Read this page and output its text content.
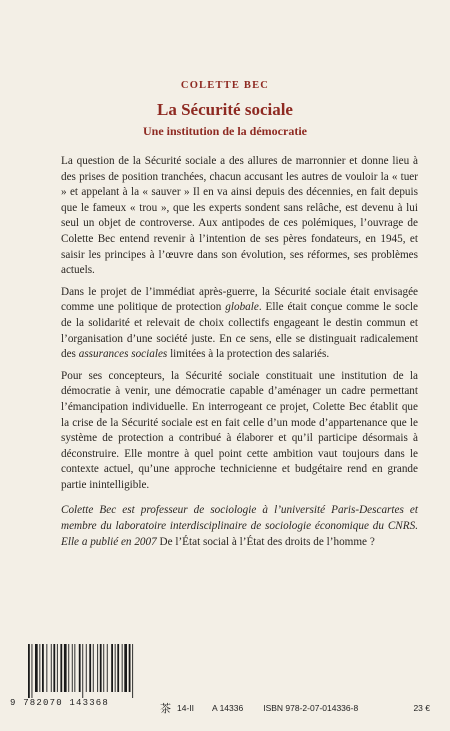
COLETTE BEC
La Sécurité sociale
Une institution de la démocratie

La question de la Sécurité sociale a des allures de marronnier et donne lieu à des prises de position tranchées, chacun accusant les autres de vouloir la « tuer » et appelant à la « sauver » Il en va ainsi depuis des décennies, en fait depuis que le fameux « trou », que les experts sondent sans relâche, est devenu à lui seul un objet de controverse. Aux antipodes de ces polémiques, l’ouvrage de Colette Bec entend revenir à l’intention de ses pères fondateurs, en 1945, et saisir les principes à l’œuvre dans son évolution, ses réformes, ses problèmes actuels.

Dans le projet de l’immédiat après-guerre, la Sécurité sociale était envisagée comme une politique de protection globale. Elle était conçue comme le socle de la solidarité et relevait de choix collectifs engageant le destin commun et l’organisation d’une société juste. En ce sens, elle se distinguait radicalement des assurances sociales limitées à la protection des salariés.

Pour ses concepteurs, la Sécurité sociale constituait une institution de la démocratie à venir, une démocratie capable d’aménager un cadre permettant l’émancipation individuelle. En interrogeant ce projet, Colette Bec établit que la crise de la Sécurité sociale est en fait celle d’un mode d’appartenance que le système de protection a contribué à élaborer et qu’il participe désormais à déconstruire. Elle montre à quel point cette ambition vaut toujours dans le contexte actuel, qu’une approche technicienne et budgétaire rend en grande partie inintelligible.

Colette Bec est professeur de sociologie à l’université Paris-Descartes et membre du laboratoire interdisciplinaire de sociologie économique du CNRS. Elle a publié en 2007 De l’État social à l’État des droits de l’homme ?

9 782070 143368	茶 14-II A 14336 ISBN 978-2-07-014336-8	23 €
